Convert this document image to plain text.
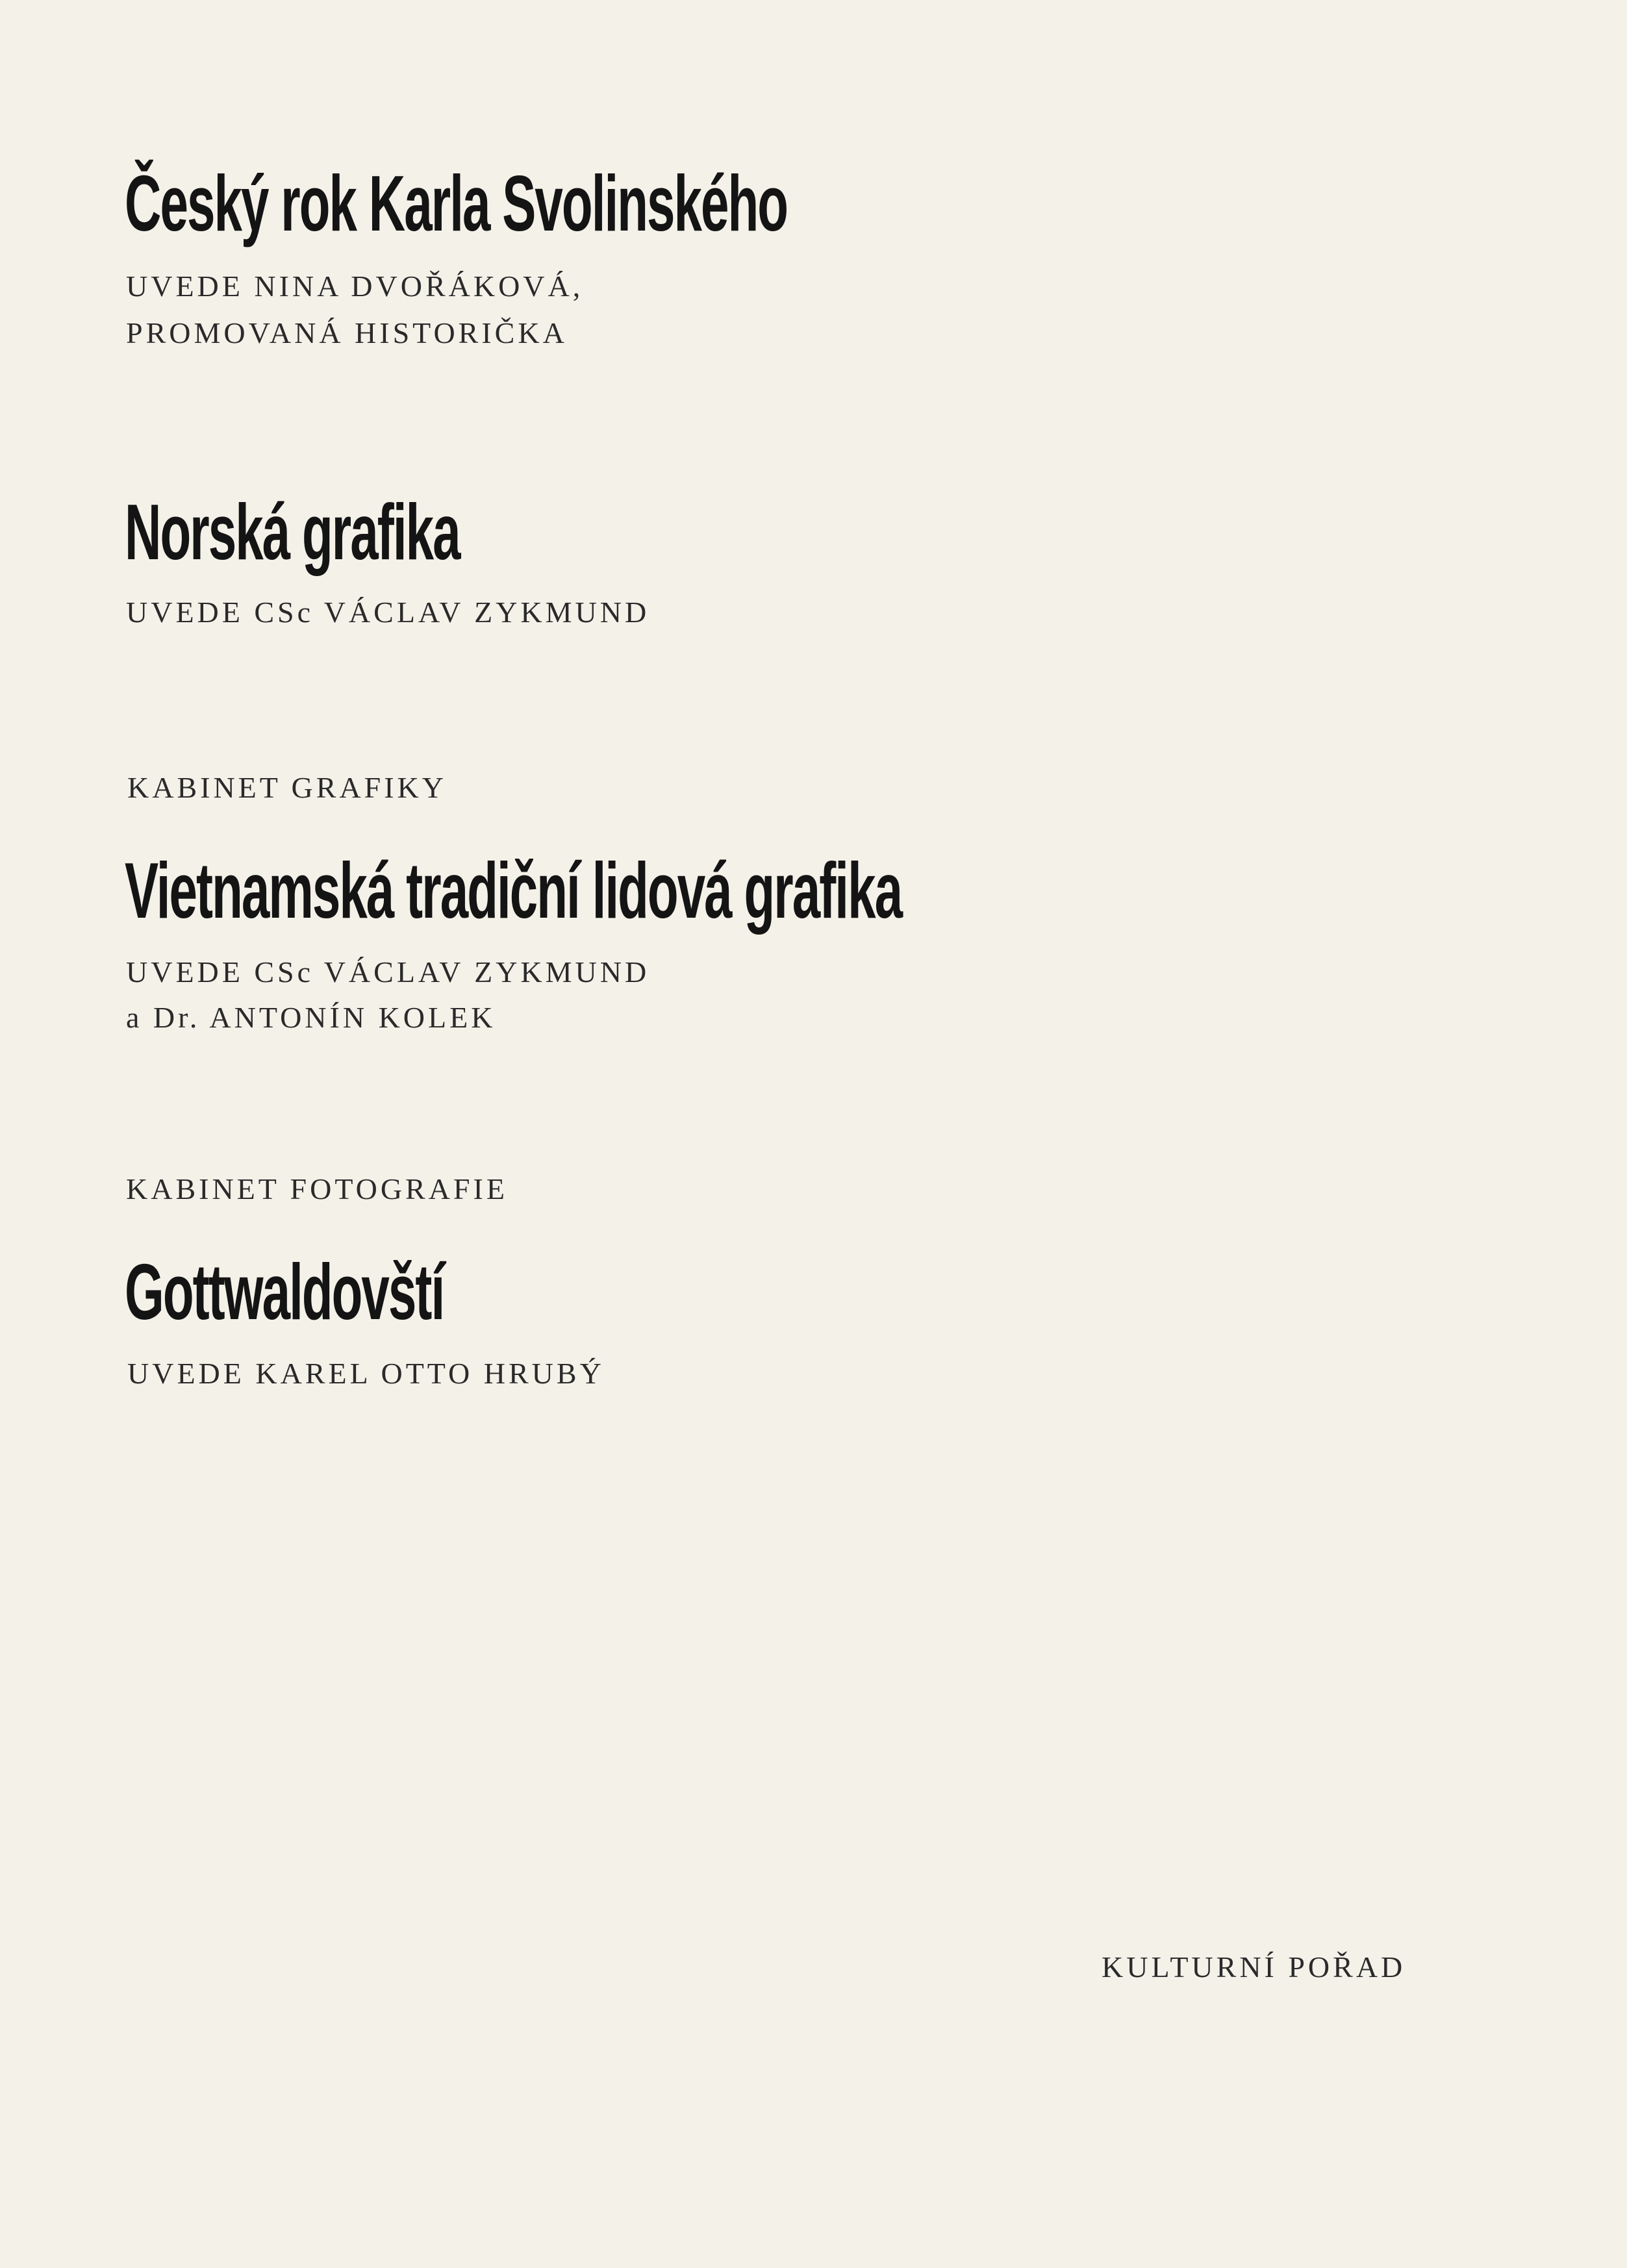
Český rok Karla Svolinského
UVEDE NINA DVOŘÁKOVÁ,
PROMOVANÁ HISTORIČKA
Norská grafika
UVEDE CSc VÁCLAV ZYKMUND
KABINET GRAFIKY
Vietnamská tradiční lidová grafika
UVEDE CSc VÁCLAV ZYKMUND
a Dr. ANTONÍN KOLEK
KABINET FOTOGRAFIE
Gottwaldovští
UVEDE KAREL OTTO HRUBÝ
KULTURNÍ POŘAD
